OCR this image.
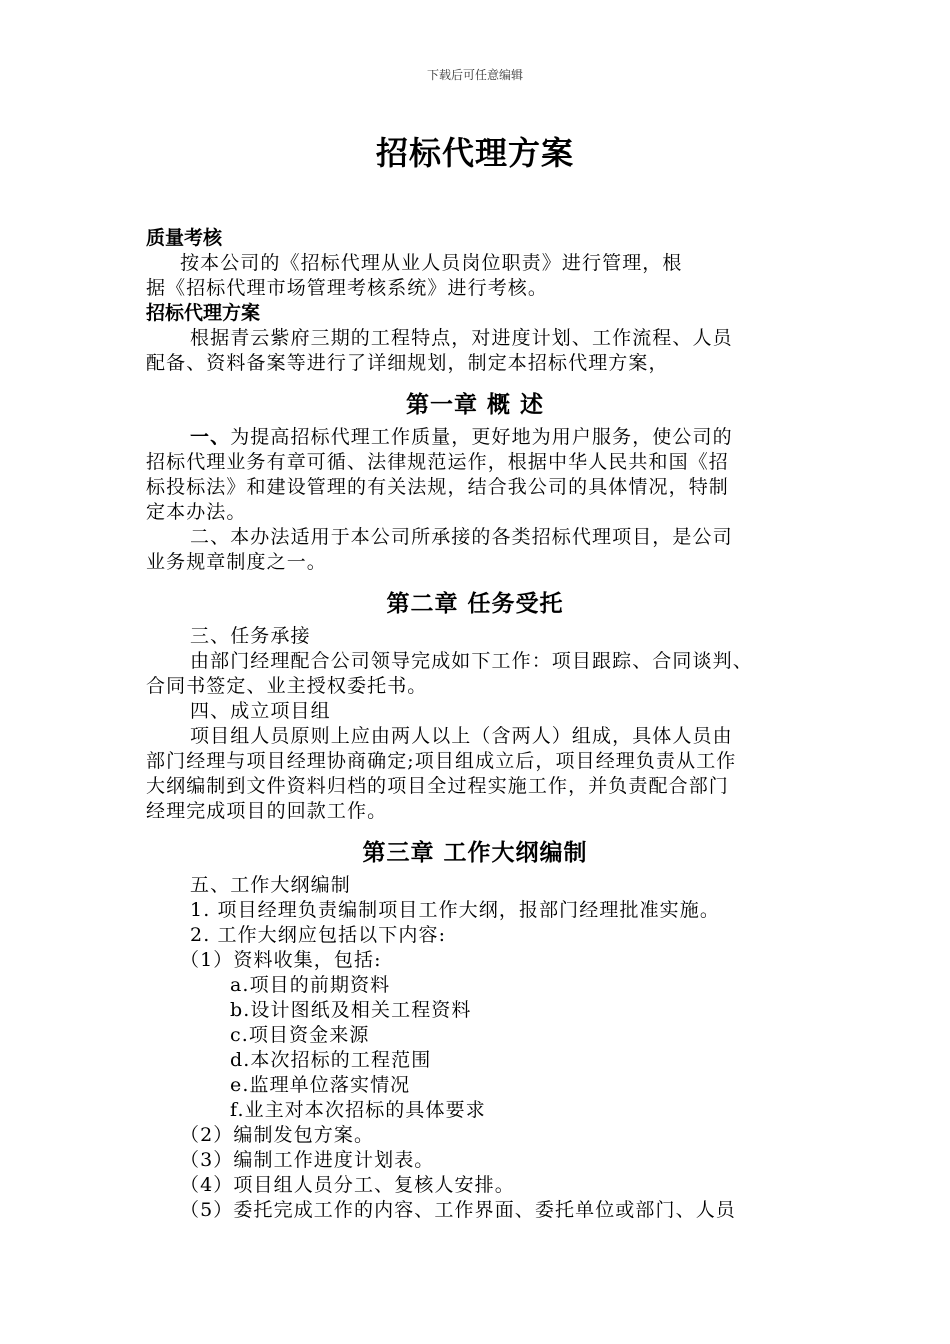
下载后可任意编辑
招标代理方案
质量考核
按本公司的《招标代理从业人员岗位职责》进行管理，根
据《招标代理市场管理考核系统》进行考核。
招标代理方案
根据青云紫府三期的工程特点，对进度计划、工作流程、人员
配备、资料备案等进行了详细规划，制定本招标代理方案，
第一章 概 述
一、为提高招标代理工作质量，更好地为用户服务，使公司的
招标代理业务有章可循、法律规范运作，根据中华人民共和国《招
标投标法》和建设管理的有关法规，结合我公司的具体情况，特制
定本办法。
二、本办法适用于本公司所承接的各类招标代理项目，是公司
业务规章制度之一。
第二章 任务受托
三、任务承接
由部门经理配合公司领导完成如下工作：项目跟踪、合同谈判、
合同书签定、业主授权委托书。
四、成立项目组
项目组人员原则上应由两人以上（含两人）组成，具体人员由
部门经理与项目经理协商确定;项目组成立后，项目经理负责从工作
大纲编制到文件资料归档的项目全过程实施工作，并负责配合部门
经理完成项目的回款工作。
第三章 工作大纲编制
五、工作大纲编制
1. 项目经理负责编制项目工作大纲，报部门经理批准实施。
2. 工作大纲应包括以下内容:
（1）资料收集，包括:
a.项目的前期资料
b.设计图纸及相关工程资料
c.项目资金来源
d.本次招标的工程范围
e.监理单位落实情况
f.业主对本次招标的具体要求
（2）编制发包方案。
（3）编制工作进度计划表。
（4）项目组人员分工、复核人安排。
（5）委托完成工作的内容、工作界面、委托单位或部门、人员
